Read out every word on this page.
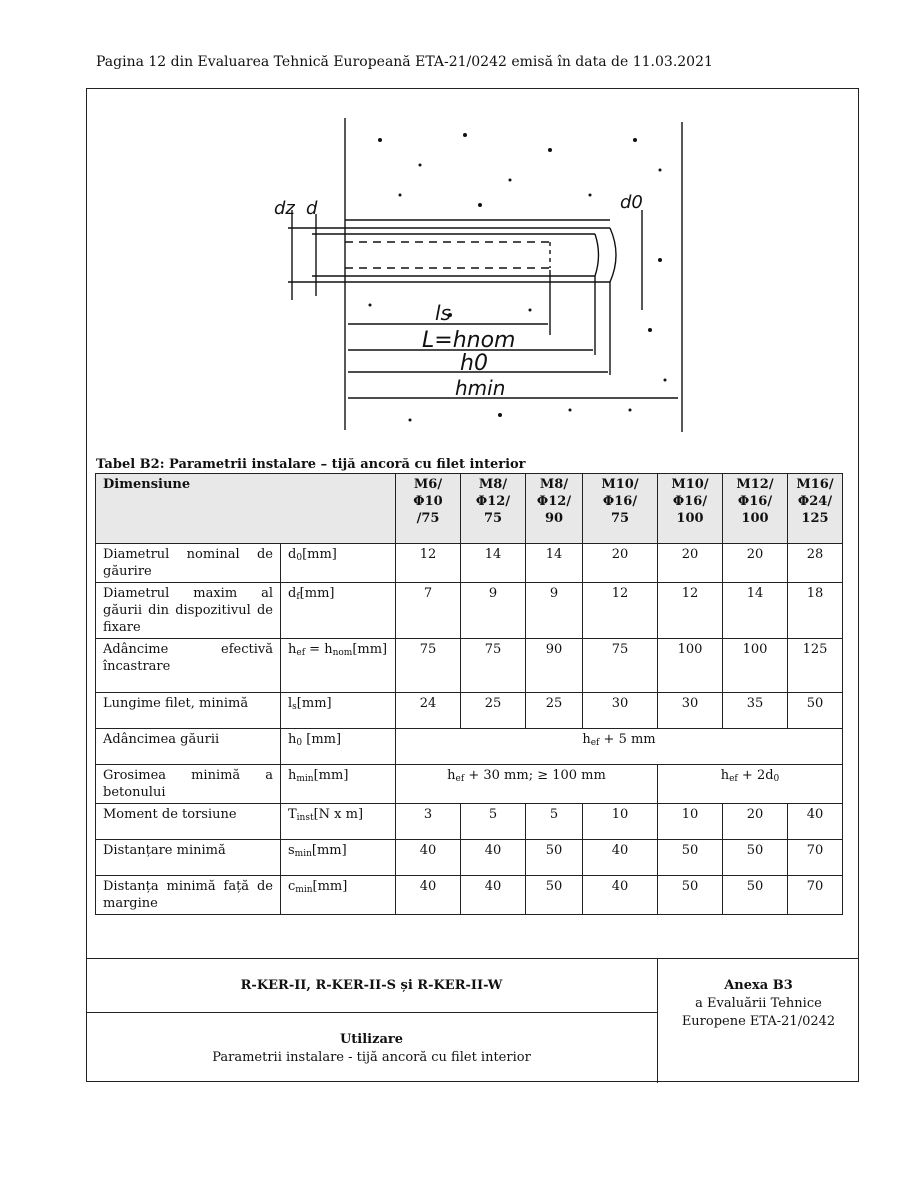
Pagina 12 din Evaluarea Tehnică Europeană ETA-21/0242 emisă în data de 11.03.2021
dz d	d0
ls
L=hnom
h0
hmin
Tabel B2: Parametrii instalare – tijă ancoră cu filet interior
Dimensiune		M6/
Φ10
/75	M8/
Φ12/
75	M8/
Φ12/
90	M10/
Φ16/
75	M10/
Φ16/
100	M12/
Φ16/
100	M16/
Φ24/
125
Diametrul nominal de găurire	$d_0[mm]$	12	14	14	20	20	20	28
Diametrul maxim al găurii din dispozitivul de fixare	$d_f[mm]$	7	9	9	12	12	14	18
Adâncime efectivă încastrare	$h_{ef} = h_{nom}[mm]$	75	75	90	75	100	100	125
Lungime filet, minimă	$l_s[mm]$	24	25	25	30	30	35	50
Adâncimea găurii	$h_0$ [mm]	$h_{ef} + 5$ mm						
Grosimea minimă a betonului	$h_{min}[mm]$	$h_{ef} + 30$ mm; ≥ 100 mm				$h_{ef} + 2d_0$
Moment de torsiune	$T_{inst}[N$ x m]	3	5	5	10	10	20	40
Distanțare minimă	$s_{min}[mm]$	40	40	50	40	50	50	70
Distanța minimă față de margine	$c_{min}[mm]$	40	40	50	40	50	50	70
R-KER-II, R-KER-II-S și R-KER-II-W
Utilizare
Parametrii instalare - tijă ancoră cu filet interior
Anexa B3
a Evaluării Tehnice
Europene ETA-21/0242
